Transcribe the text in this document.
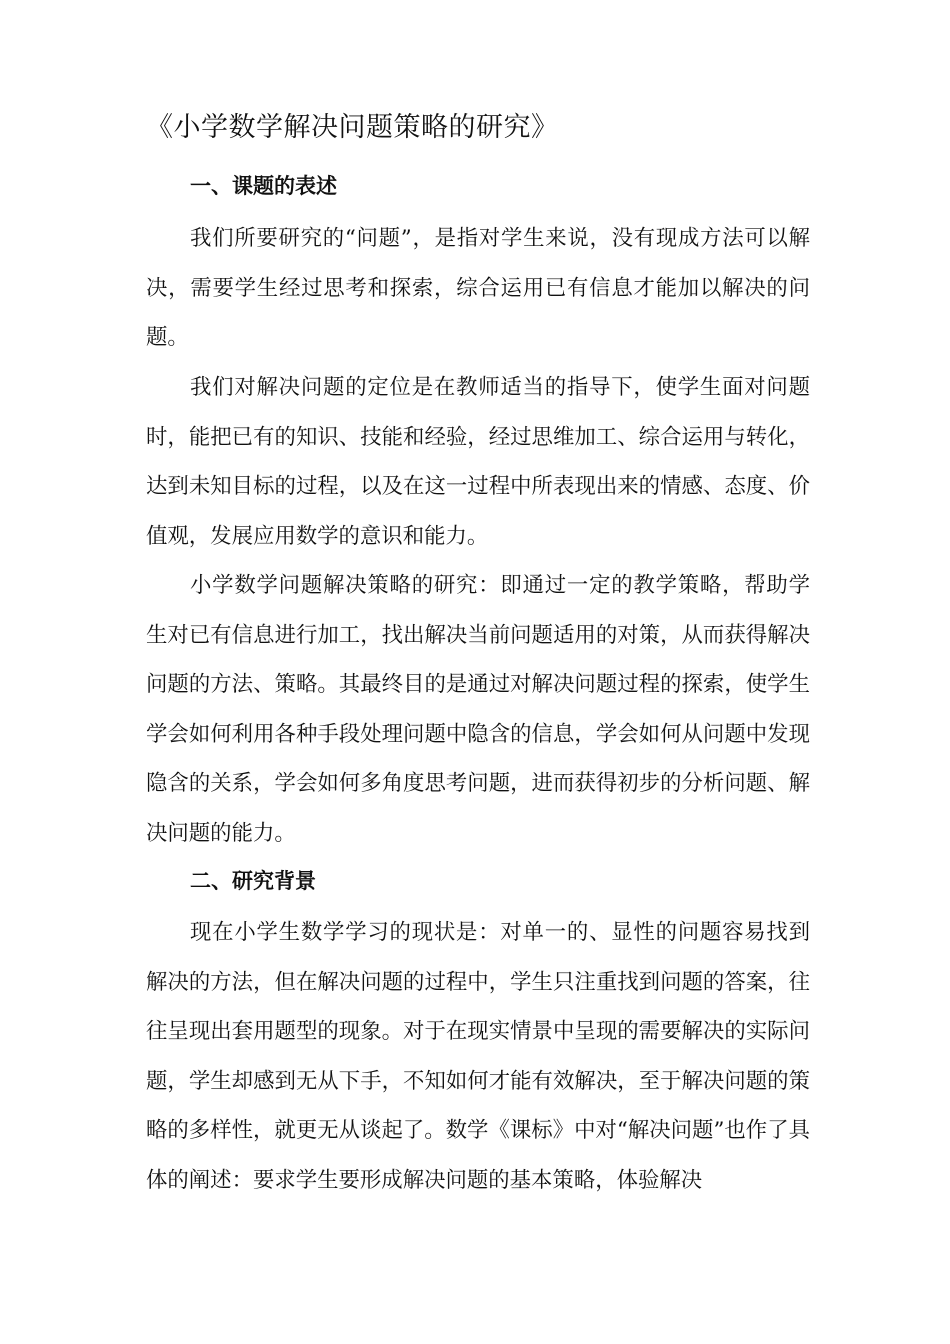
《小学数学解决问题策略的研究》
一、课题的表述

我们所要研究的“问题”，是指对学生来说，没有现成方法可以解决，需要学生经过思考和探索，综合运用已有信息才能加以解决的问题。

我们对解决问题的定位是在教师适当的指导下，使学生面对问题时，能把已有的知识、技能和经验，经过思维加工、综合运用与转化，达到未知目标的过程，以及在这一过程中所表现出来的情感、态度、价值观，发展应用数学的意识和能力。

小学数学问题解决策略的研究：即通过一定的教学策略，帮助学生对已有信息进行加工，找出解决当前问题适用的对策，从而获得解决问题的方法、策略。其最终目的是通过对解决问题过程的探索，使学生学会如何利用各种手段处理问题中隐含的信息，学会如何从问题中发现隐含的关系，学会如何多角度思考问题，进而获得初步的分析问题、解决问题的能力。

二、研究背景

现在小学生数学学习的现状是：对单一的、显性的问题容易找到解决的方法，但在解决问题的过程中，学生只注重找到问题的答案，往往呈现出套用题型的现象。对于在现实情景中呈现的需要解决的实际问题，学生却感到无从下手，不知如何才能有效解决，至于解决问题的策略的多样性，就更无从谈起了。数学《课标》中对“解决问题”也作了具体的阐述：要求学生要形成解决问题的基本策略，体验解决
